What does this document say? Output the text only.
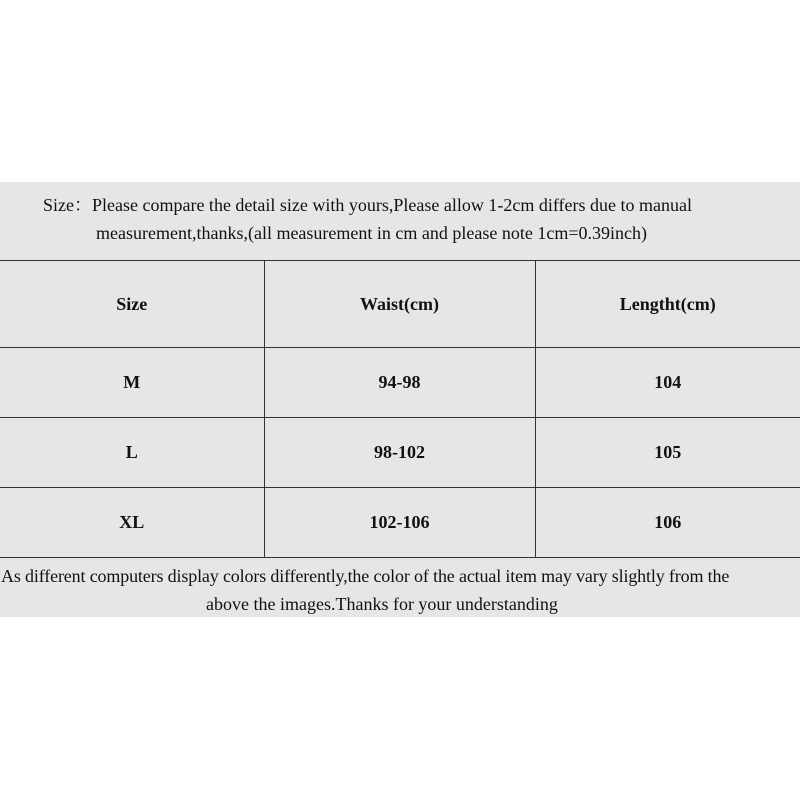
Size：Please compare the detail size with yours,Please allow 1-2cm differs due to manual
measurement,thanks,(all measurement in cm and please note 1cm=0.39inch)
Size	Waist(cm)	Lengtht(cm)
M	94-98	104
L	98-102	105
XL	102-106	106
As different computers display colors differently,the color of the actual item may vary slightly from the
above the images.Thanks for your understanding
